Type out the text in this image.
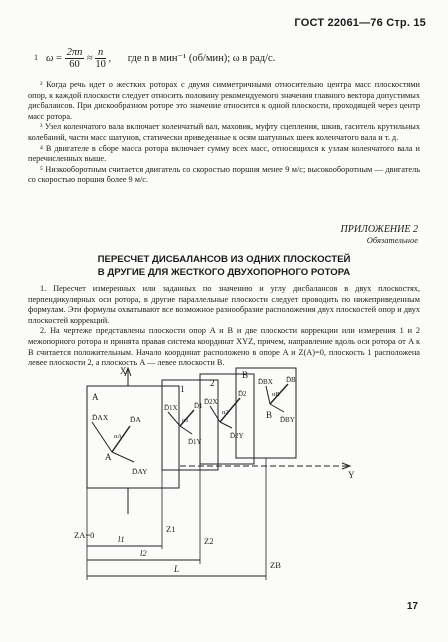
ГОСТ 22061—76 Стр. 15
1 $\omega = \frac{2\pi n}{60} \approx \frac{n}{10}$ , где n в мин⁻¹ (об/мин); ω в рад/с.

² Когда речь идет о жестких роторах с двумя симметричными относительно центра масс плоскостями опор, к каждой плоскости следует относить половину рекомендуемого значения главного вектора допустимых дисбалансов. При дискообразном роторе это значение относится к одной плоскости, проходящей через центр масс ротора.

³ Узел коленчатого вала включает коленчатый вал, маховик, муфту сцепления, шкив, гаситель крутильных колебаний, части масс шатунов, статически приведенные к осям шатунных шеек коленчатого вала и т. д.

⁴ В двигателе в сборе масса ротора включает сумму всех масс, относящихся к узлам коленчатого вала и перечисленных выше.

⁵ Низкооборотным считается двигатель со скоростью поршня менее 9 м/с; высокооборотным — двигатель со скоростью поршня более 9 м/с.

ПРИЛОЖЕНИЕ 2
Обязательное
ПЕРЕСЧЕТ ДИСБАЛАНСОВ ИЗ ОДНИХ ПЛОСКОСТЕЙ
В ДРУГИЕ ДЛЯ ЖЕСТКОГО ДВУХОПОРНОГО РОТОРА

1. Пересчет измеренных или заданных по значению и углу дисбалансов в двух плоскостях, перпендикулярных оси ротора, в другие параллельные плоскости следует проводить по нижеприведенным формулам. Эти формулы охватывают все возможное разнообразие расположения двух плоскостей опор и двух плоскостей коррекций.

2. На чертеже представлены плоскости опор A и B и две плоскости коррекции или измерения 1 и 2 межопорного ротора и принята правая система координат XYZ, причем, направление вдоль оси ротора от A к B считается положительным. Начало координат расположено в опоре A и Z(A)=0, плоскость 1 расположена левее плоскости 2, а плоскость A — левее плоскости B.

X
Y
A
A
1
2
B
B
D̄AX	D̄A
D̄AY
D̄1X D̄1
D̄1Y
D̄2X
D̄2
D̄2Y
D̄BX D̄B
D̄BY
α1
α2
αA
αB
ZA=0
Z1
Z2
ZB
l1
l2
L
17
